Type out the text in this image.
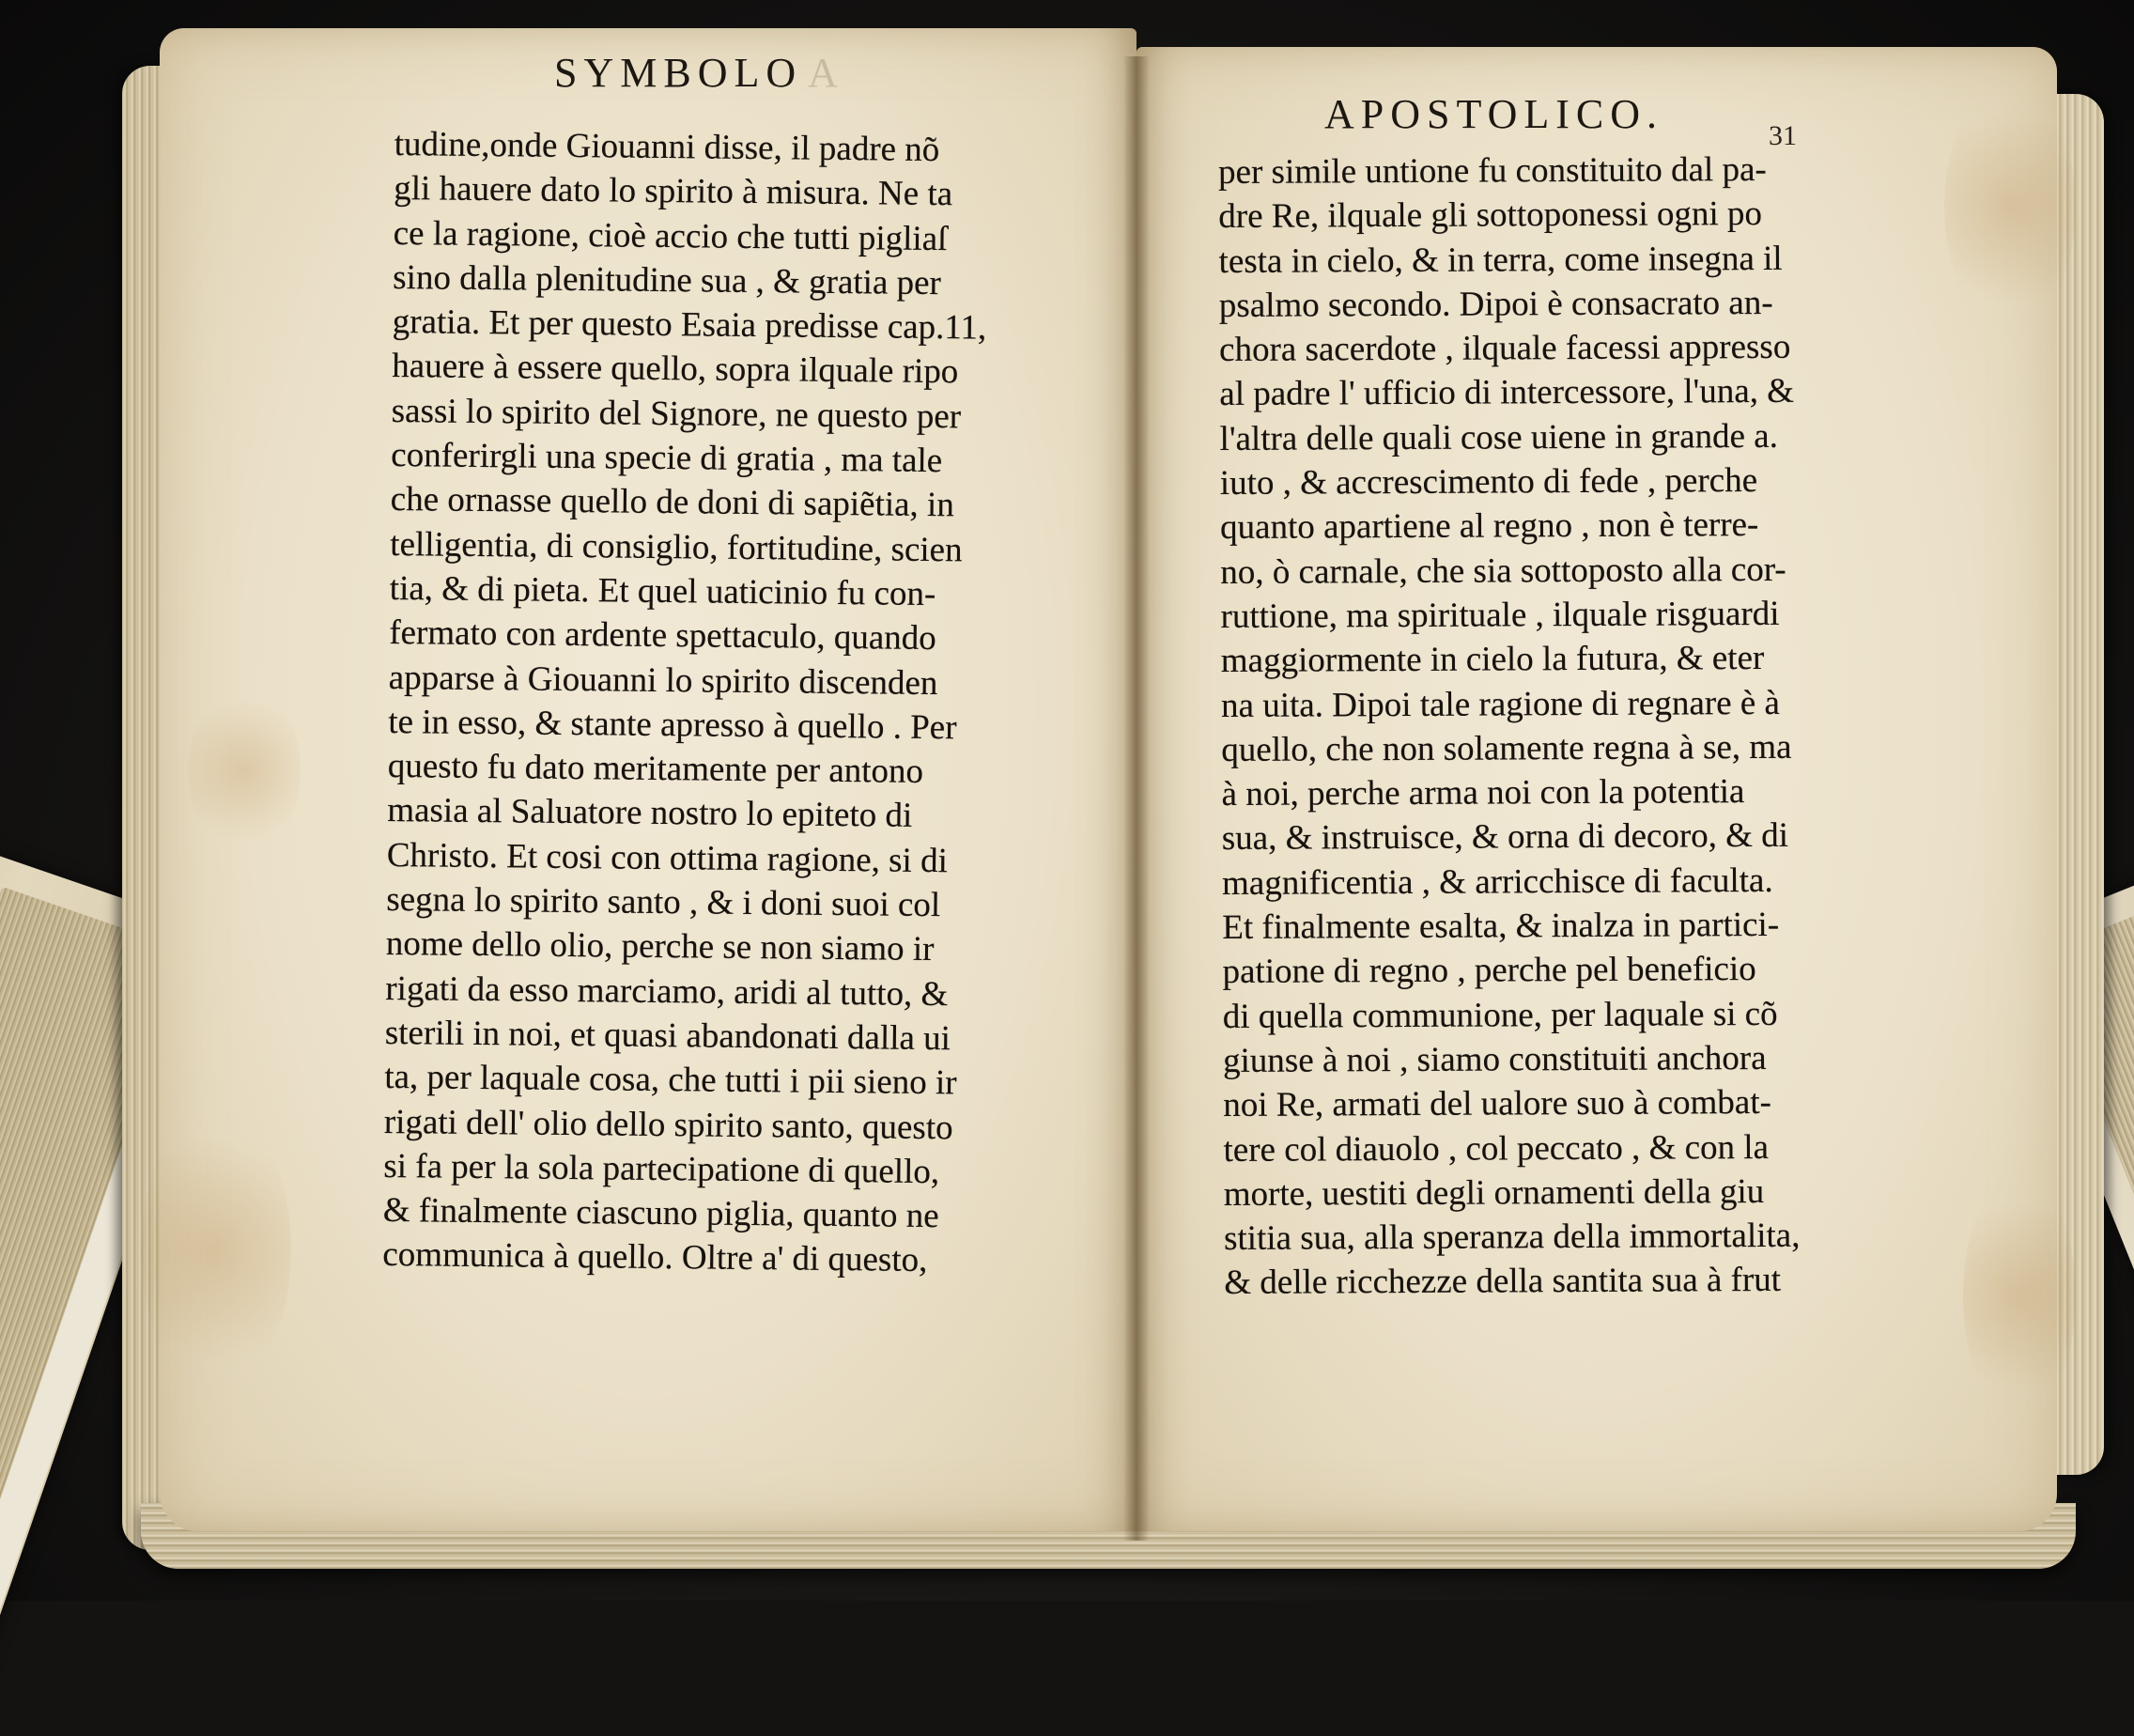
SYMBOLO A
APOSTOLICO.	31
tudine,onde Giouanni disse, il padre nõ
gli hauere dato lo spirito à misura. Ne ta
ce la ragione, cioè accio che tutti pigliaſ
sino dalla plenitudine sua , & gratia per
gratia. Et per questo Esaia predisse cap.11,
hauere à essere quello, sopra ilquale ripo
sassi lo spirito del Signore, ne questo per
conferirgli una specie di gratia , ma tale
che ornasse quello de doni di sapiẽtia, in
telligentia, di consiglio, fortitudine, scien
tia, & di pieta. Et quel uaticinio fu con-
fermato con ardente spettaculo, quando
apparse à Giouanni lo spirito discenden
te in esso, & stante apresso à quello . Per
questo fu dato meritamente per antono
masia al Saluatore nostro lo epiteto di
Christo. Et cosi con ottima ragione, si di
segna lo spirito santo , & i doni suoi col
nome dello olio, perche se non siamo ir
rigati da esso marciamo, aridi al tutto, &
sterili in noi, et quasi abandonati dalla ui
ta, per laquale cosa, che tutti i pii sieno ir
rigati dell' olio dello spirito santo, questo
si fa per la sola partecipatione di quello,
& finalmente ciascuno piglia, quanto ne
communica à quello. Oltre a' di questo,
per simile untione fu constituito dal pa-
dre Re, ilquale gli sottoponessi ogni po
testa in cielo, & in terra, come insegna il
psalmo secondo. Dipoi è consacrato an-
chora sacerdote , ilquale facessi appresso
al padre l' ufficio di intercessore, l'una, &
l'altra delle quali cose uiene in grande a.
iuto , & accrescimento di fede , perche
quanto apartiene al regno , non è terre-
no, ò carnale, che sia sottoposto alla cor-
ruttione, ma spirituale , ilquale risguardi
maggiormente in cielo la futura, & eter
na uita. Dipoi tale ragione di regnare è à
quello, che non solamente regna à se, ma
à noi, perche arma noi con la potentia
sua, & instruisce, & orna di decoro, & di
magnificentia , & arricchisce di faculta.
Et finalmente esalta, & inalza in partici-
patione di regno , perche pel beneficio
di quella communione, per laquale si cõ
giunse à noi , siamo constituiti anchora
noi Re, armati del ualore suo à combat-
tere col diauolo , col peccato , & con la
morte, uestiti degli ornamenti della giu
stitia sua, alla speranza della immortalita,
& delle ricchezze della santita sua à frut
